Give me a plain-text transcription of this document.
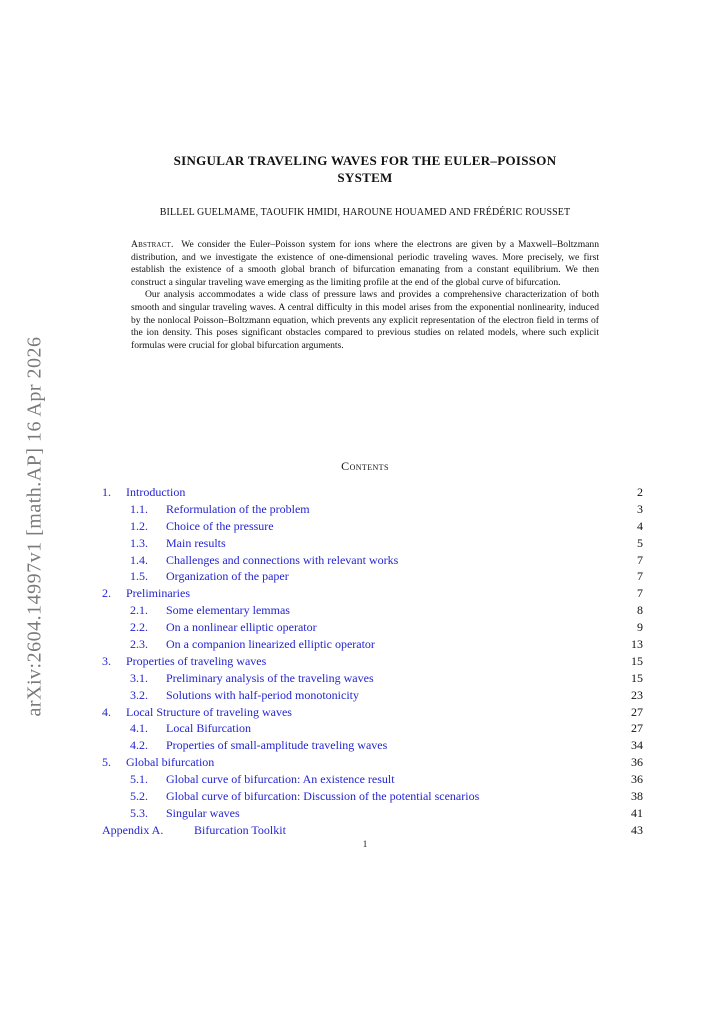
arXiv:2604.14997v1 [math.AP] 16 Apr 2026
SINGULAR TRAVELING WAVES FOR THE EULER–POISSON
SYSTEM
BILLEL GUELMAME, TAOUFIK HMIDI, HAROUNE HOUAMED AND FRÉDÉRIC ROUSSET

Abstract. We consider the Euler–Poisson system for ions where the electrons are given by a Maxwell–Boltzmann distribution, and we investigate the existence of one-dimensional periodic traveling waves. More precisely, we first establish the existence of a smooth global branch of bifurcation emanating from a constant equilibrium. We then construct a singular traveling wave emerging as the limiting profile at the end of the global curve of bifurcation.

Our analysis accommodates a wide class of pressure laws and provides a comprehensive characterization of both smooth and singular traveling waves. A central difficulty in this model arises from the exponential nonlinearity, induced by the nonlocal Poisson–Boltzmann equation, which prevents any explicit representation of the electron field in terms of the ion density. This poses significant obstacles compared to previous studies on related models, where such explicit formulas were crucial for global bifurcation arguments.

Contents
1. Introduction	2
1.1. Reformulation of the problem	3
1.2. Choice of the pressure	4
1.3. Main results	5
1.4. Challenges and connections with relevant works	7
1.5. Organization of the paper	7
2. Preliminaries	7
2.1. Some elementary lemmas	8
2.2. On a nonlinear elliptic operator	9
2.3. On a companion linearized elliptic operator	13
3. Properties of traveling waves	15
3.1. Preliminary analysis of the traveling waves	15
3.2. Solutions with half-period monotonicity	23
4. Local Structure of traveling waves	27
4.1. Local Bifurcation	27
4.2. Properties of small-amplitude traveling waves	34
5. Global bifurcation	36
5.1. Global curve of bifurcation: An existence result	36
5.2. Global curve of bifurcation: Discussion of the potential scenarios	38
5.3. Singular waves	41
Appendix A.	Bifurcation Toolkit	43
1
